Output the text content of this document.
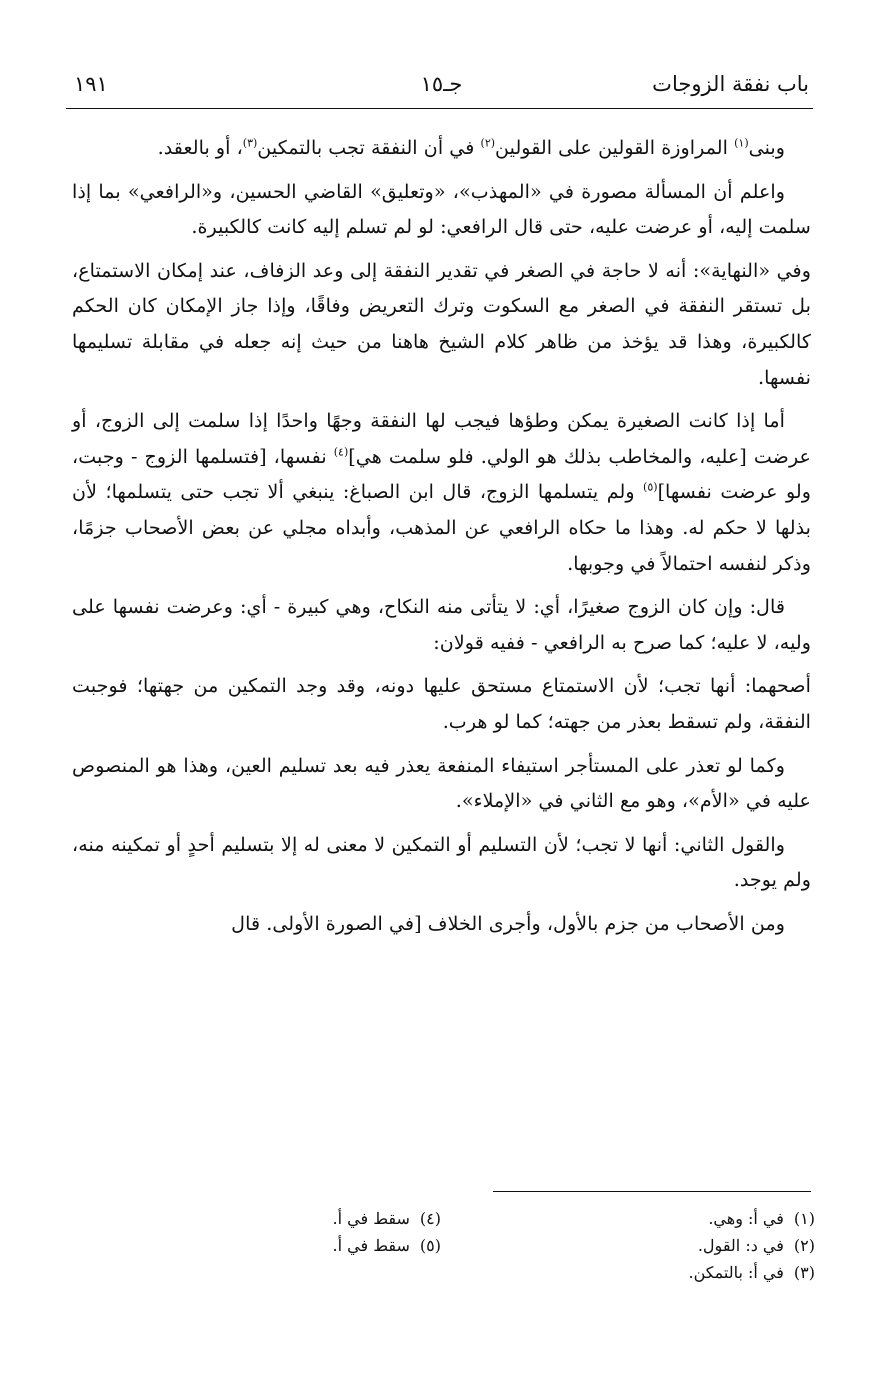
باب نفقة الزوجات
جـ١٥
١٩١

وبنى$^{(١)}$ المراوزة القولين على القولين$^{(٢)}$ في أن النفقة تجب بالتمكين$^{(٣)}$، أو بالعقد.

واعلم أن المسألة مصورة في «المهذب»، «وتعليق» القاضي الحسين، و«الرافعي» بما إذا سلمت إليه، أو عرضت عليه، حتى قال الرافعي: لو لم تسلم إليه كانت كالكبيرة.

وفي «النهاية»: أنه لا حاجة في الصغر في تقدير النفقة إلى وعد الزفاف، عند إمكان الاستمتاع، بل تستقر النفقة في الصغر مع السكوت وترك التعريض وفاقًا، وإذا جاز الإمكان كان الحكم كالكبيرة، وهذا قد يؤخذ من ظاهر كلام الشيخ هاهنا من حيث إنه جعله في مقابلة تسليمها نفسها.

أما إذا كانت الصغيرة يمكن وطؤها فيجب لها النفقة وجهًا واحدًا إذا سلمت إلى الزوج، أو عرضت [عليه، والمخاطب بذلك هو الولي. فلو سلمت هي]$^{(٤)}$ نفسها، [فتسلمها الزوج - وجبت، ولو عرضت نفسها]$^{(٥)}$ ولم يتسلمها الزوج، قال ابن الصباغ: ينبغي ألا تجب حتى يتسلمها؛ لأن بذلها لا حكم له. وهذا ما حكاه الرافعي عن المذهب، وأبداه مجلي عن بعض الأصحاب جزمًا، وذكر لنفسه احتمالاً في وجوبها.

قال: وإن كان الزوج صغيرًا، أي: لا يتأتى منه النكاح، وهي كبيرة - أي: وعرضت نفسها على وليه، لا عليه؛ كما صرح به الرافعي - ففيه قولان:

أصحهما: أنها تجب؛ لأن الاستمتاع مستحق عليها دونه، وقد وجد التمكين من جهتها؛ فوجبت النفقة، ولم تسقط بعذر من جهته؛ كما لو هرب.

وكما لو تعذر على المستأجر استيفاء المنفعة يعذر فيه بعد تسليم العين، وهذا هو المنصوص عليه في «الأم»، وهو مع الثاني في «الإملاء».

والقول الثاني: أنها لا تجب؛ لأن التسليم أو التمكين لا معنى له إلا بتسليم أحدٍ أو تمكينه منه، ولم يوجد.

ومن الأصحاب من جزم بالأول، وأجرى الخلاف [في الصورة الأولى. قال

(١)في أ: وهي.
(٢)في د: القول.
(٣)في أ: بالتمكن.
(٤)سقط في أ.
(٥)سقط في أ.
